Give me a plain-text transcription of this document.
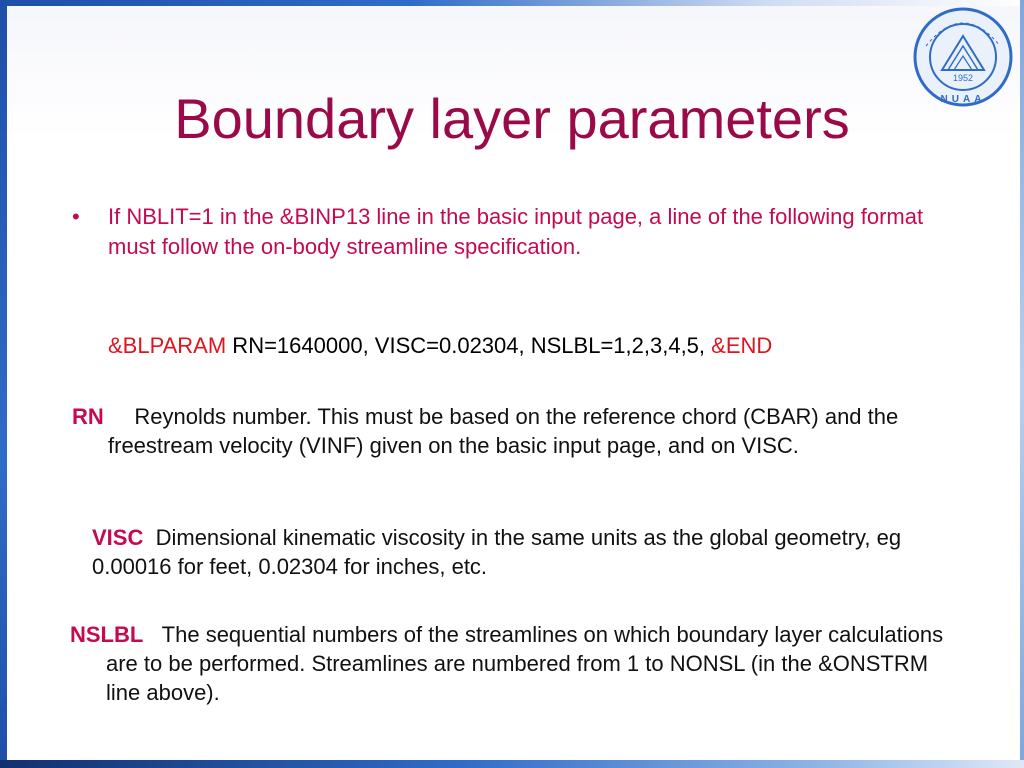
1952
NUAA
Boundary layer parameters
• If NBLIT=1 in the &BINP13 line in the basic input page, a line of the following format must follow the on-body streamline specification.
&BLPARAM RN=1640000, VISC=0.02304, NSLBL=1,2,3,4,5, &END
RN Reynolds number. This must be based on the reference chord (CBAR) and the freestream velocity (VINF) given on the basic input page, and on VISC.
VISC Dimensional kinematic viscosity in the same units as the global geometry, eg 0.00016 for feet, 0.02304 for inches, etc.
NSLBL The sequential numbers of the streamlines on which boundary layer calculations are to be performed. Streamlines are numbered from 1 to NONSL (in the &ONSTRM line above).
